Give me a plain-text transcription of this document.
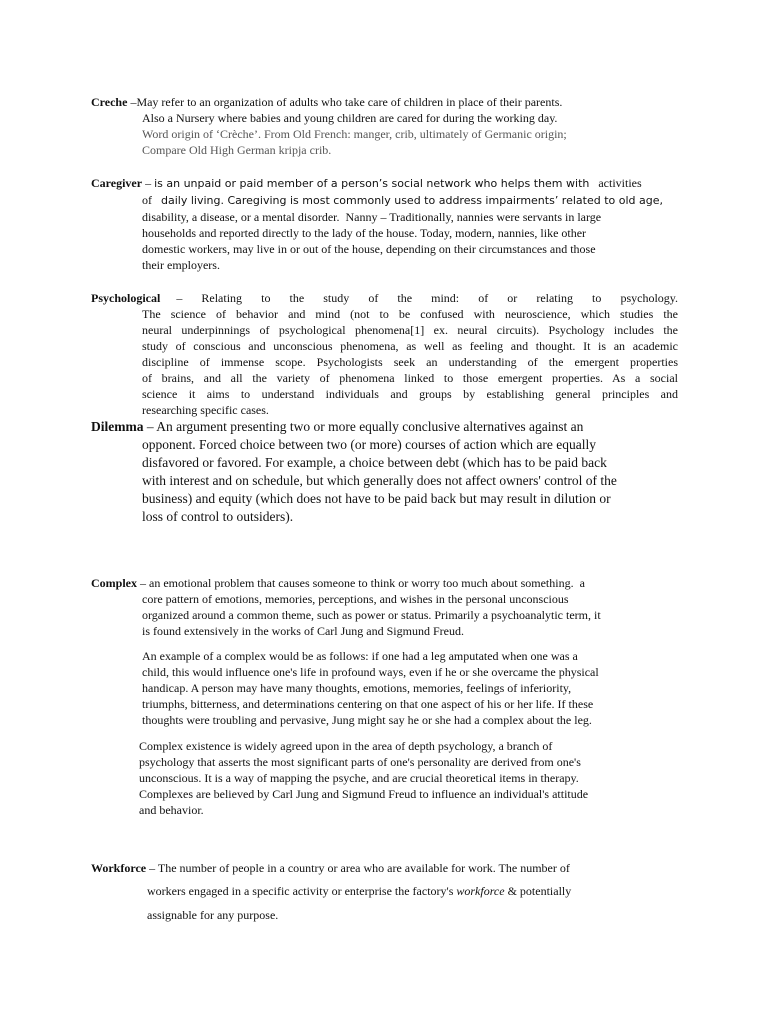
Creche –May refer to an organization of adults who take care of children in place of their parents.
Also a Nursery where babies and young children are cared for during the working day.
Word origin of ‘Crèche’. From Old French: manger, crib, ultimately of Germanic origin;
Compare Old High German kripja crib.
Caregiver – is an unpaid or paid member of a person’s social network who helps them with   activities
of   daily living. Caregiving is most commonly used to address impairments’ related to old age,
disability, a disease, or a mental disorder.  Nanny – Traditionally, nannies were servants in large
households and reported directly to the lady of the house. Today, modern, nannies, like other
domestic workers, may live in or out of the house, depending on their circumstances and those
their employers.
Psychological	– Relating to the study of the mind: of or relating to psychology.
The science of behavior and mind (not to be confused with neuroscience, which studies the
neural underpinnings of psychological phenomena[1] ex. neural circuits). Psychology includes the
study of conscious and unconscious phenomena, as well as feeling and thought. It is an academic
discipline of immense scope. Psychologists seek an understanding of the emergent properties
of brains, and all the variety of phenomena linked to those emergent properties. As a social
science it aims to understand individuals and groups by establishing general principles and
researching specific cases.
Dilemma – An argument presenting two or more equally conclusive alternatives against an
opponent. Forced choice between two (or more) courses of action which are equally
disfavored or favored. For example, a choice between debt (which has to be paid back
with interest and on schedule, but which generally does not affect owners' control of the
business) and equity (which does not have to be paid back but may result in dilution or
loss of control to outsiders).
Complex – an emotional problem that causes someone to think or worry too much about something.  a
core pattern of emotions, memories, perceptions, and wishes in the personal unconscious
organized around a common theme, such as power or status. Primarily a psychoanalytic term, it
is found extensively in the works of Carl Jung and Sigmund Freud.
An example of a complex would be as follows: if one had a leg amputated when one was a
child, this would influence one's life in profound ways, even if he or she overcame the physical
handicap. A person may have many thoughts, emotions, memories, feelings of inferiority,
triumphs, bitterness, and determinations centering on that one aspect of his or her life. If these
thoughts were troubling and pervasive, Jung might say he or she had a complex about the leg.
Complex existence is widely agreed upon in the area of depth psychology, a branch of
psychology that asserts the most significant parts of one's personality are derived from one's
unconscious. It is a way of mapping the psyche, and are crucial theoretical items in therapy.
Complexes are believed by Carl Jung and Sigmund Freud to influence an individual's attitude
and behavior.
Workforce – The number of people in a country or area who are available for work. The number of
workers engaged in a specific activity or enterprise the factory's workforce & potentially
assignable for any purpose.
